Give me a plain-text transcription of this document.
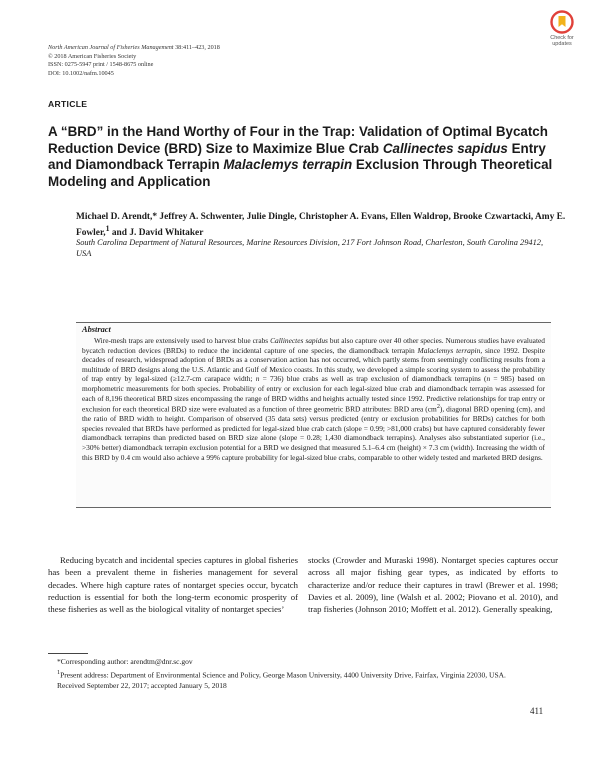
North American Journal of Fisheries Management 38:411–423, 2018
© 2018 American Fisheries Society
ISSN: 0275-5947 print / 1548-8675 online
DOI: 10.1002/nafm.10045
Check for
updates
ARTICLE
A “BRD” in the Hand Worthy of Four in the Trap: Validation of Optimal Bycatch Reduction Device (BRD) Size to Maximize Blue Crab Callinectes sapidus Entry and Diamondback Terrapin Malaclemys terrapin Exclusion Through Theoretical Modeling and Application
Michael D. Arendt,* Jeffrey A. Schwenter, Julie Dingle, Christopher A. Evans, Ellen Waldrop, Brooke Czwartacki, Amy E. Fowler,$^1$ and J. David Whitaker
South Carolina Department of Natural Resources, Marine Resources Division, 217 Fort Johnson Road, Charleston, South Carolina 29412, USA
Abstract
Wire-mesh traps are extensively used to harvest blue crabs Callinectes sapidus but also capture over 40 other species. Numerous studies have evaluated bycatch reduction devices (BRDs) to reduce the incidental capture of one species, the diamondback terrapin Malaclemys terrapin, since 1992. Despite decades of research, widespread adoption of BRDs as a conservation action has not occurred, which partly stems from seemingly conflicting results from a multitude of BRD designs along the U.S. Atlantic and Gulf of Mexico coasts. In this study, we developed a simple scoring system to assess the probability of trap entry by legal-sized (≥12.7-cm carapace width; n = 736) blue crabs as well as trap exclusion of diamondback terrapins (n = 985) based on morphometric measurements for both species. Probability of entry or exclusion for each legal-sized blue crab and diamondback terrapin was assessed for each of 8,196 theoretical BRD sizes encompassing the range of BRD widths and heights actually tested since 1992. Predictive relationships for trap entry or exclusion for each theoretical BRD size were evaluated as a function of three geometric BRD attributes: BRD area $(cm^2)$, diagonal BRD opening (cm), and the ratio of BRD width to height. Comparison of observed (35 data sets) versus predicted (entry or exclusion probabilities for BRDs) catches for both species revealed that BRDs have performed as predicted for legal-sized blue crab catch (slope = 0.99; >81,000 crabs) but have captured considerably fewer diamondback terrapins than predicted based on BRD size alone (slope = 0.28; 1,430 diamondback terrapins). Analyses also substantiated superior (i.e., >30% better) diamondback terrapin exclusion potential for a BRD we designed that measured 5.1–6.4 cm (height) × 7.3 cm (width). Increasing the width of this BRD by 0.4 cm would also achieve a 99% capture probability for legal-sized blue crabs, comparable to other widely tested and marketed BRD designs.
Reducing bycatch and incidental species captures in global fisheries has been a prevalent theme in fisheries management for several decades. Where high capture rates of nontarget species occur, bycatch reduction is essential for both the long-term economic prosperity of these fisheries as well as the biological vitality of nontarget species’
stocks (Crowder and Muraski 1998). Nontarget species captures occur across all major fishing gear types, as indicated by efforts to characterize and/or reduce their captures in trawl (Brewer et al. 1998; Davies et al. 2009), line (Walsh et al. 2002; Piovano et al. 2010), and trap fisheries (Johnson 2010; Moffett et al. 2012). Generally speaking,
*Corresponding author: arendtm@dnr.sc.gov
$^1$Present address: Department of Environmental Science and Policy, George Mason University, 4400 University Drive, Fairfax, Virginia 22030, USA.
Received September 22, 2017; accepted January 5, 2018
411
